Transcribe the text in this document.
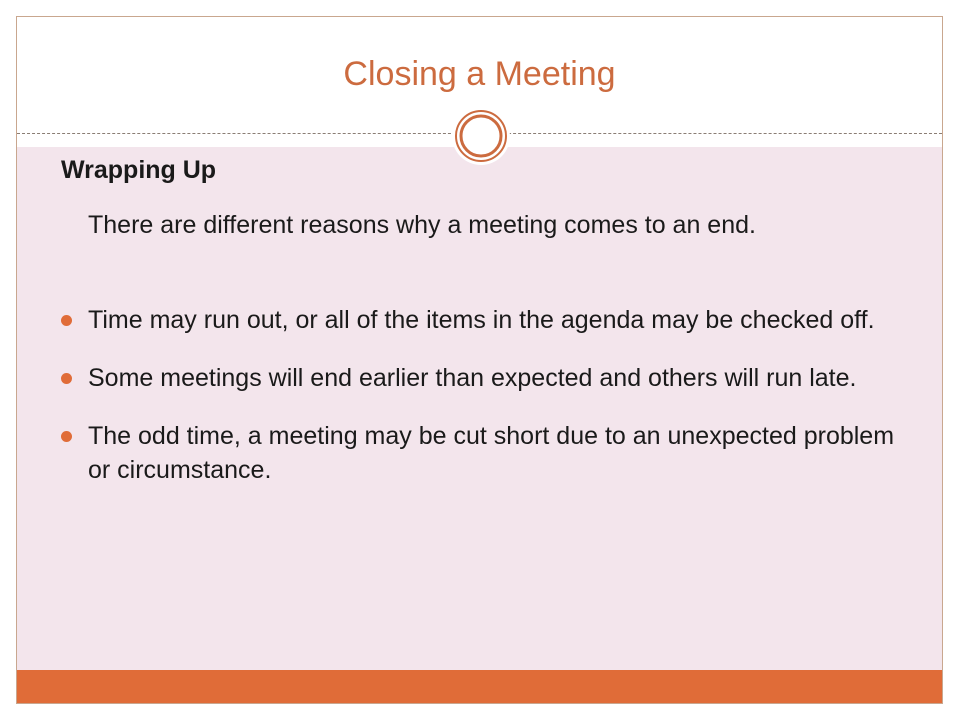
Closing a Meeting
Wrapping Up
There are different reasons why a meeting comes to an end.
Time may run out, or all of the items in the agenda may be checked off.
Some meetings will end earlier than expected and others will run late.
The odd time, a meeting may be cut short due to an unexpected problem or circumstance.
